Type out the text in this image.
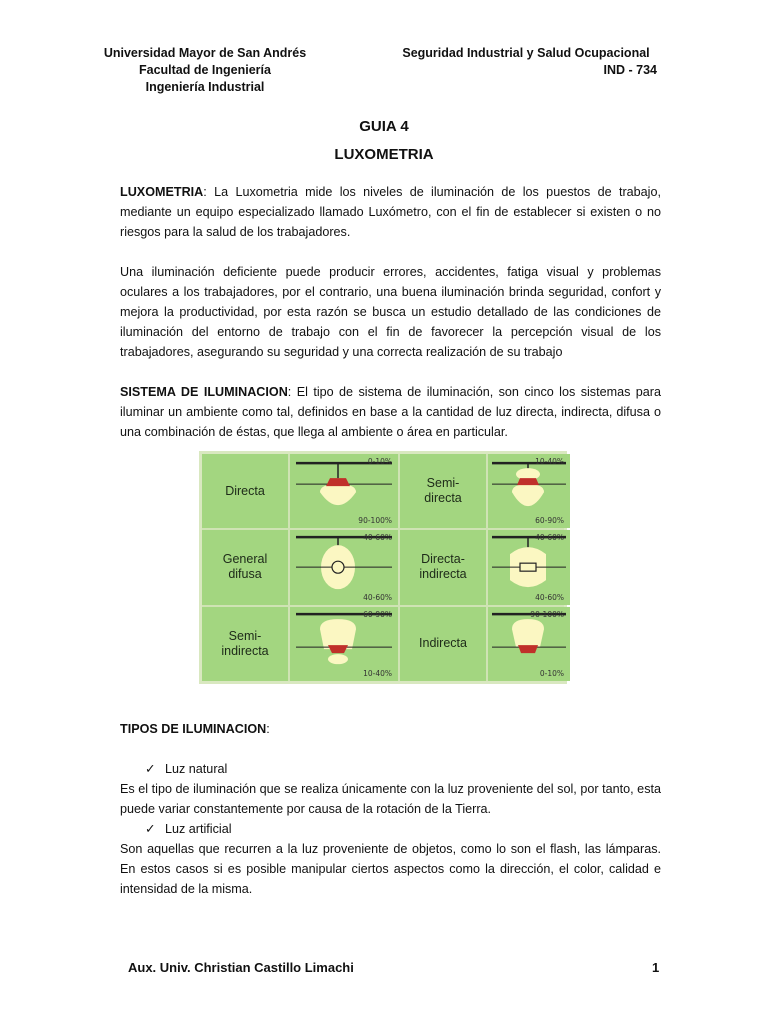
Universidad Mayor de San Andrés
Facultad de Ingeniería
Ingeniería Industrial
Seguridad Industrial y Salud Ocupacional
IND - 734
GUIA 4
LUXOMETRIA
LUXOMETRIA: La Luxometria mide los niveles de iluminación de los puestos de trabajo, mediante un equipo especializado llamado Luxómetro, con el fin de establecer si existen o no riesgos para la salud de los trabajadores.
Una iluminación deficiente puede producir errores, accidentes, fatiga visual y problemas oculares a los trabajadores, por el contrario, una buena iluminación brinda seguridad, confort y mejora la productividad, por esta razón se busca un estudio detallado de las condiciones de iluminación del entorno de trabajo con el fin de favorecer la percepción visual de los trabajadores, asegurando su seguridad y una correcta realización de su trabajo
SISTEMA DE ILUMINACION: El tipo de sistema de iluminación, son cinco los sistemas para iluminar un ambiente como tal, definidos en base a la cantidad de luz directa, indirecta, difusa o una combinación de éstas, que llega al ambiente o área en particular.
Directa
0-10%
90-100%
Semi-
directa
10-40%
60-90%
General
difusa
40-60%
40-60%
Directa-
indirecta
40-60%
40-60%
Semi-
indirecta
60-90%
10-40%
Indirecta
90-100%
0-10%
TIPOS DE ILUMINACION:
✓ Luz natural
Es el tipo de iluminación que se realiza únicamente con la luz proveniente del sol, por tanto, esta puede variar constantemente por causa de la rotación de la Tierra.
✓ Luz artificial
Son aquellas que recurren a la luz proveniente de objetos, como lo son el flash, las lámparas. En estos casos si es posible manipular ciertos aspectos como la dirección, el color, calidad e intensidad de la misma.
Aux. Univ. Christian Castillo Limachi	1
